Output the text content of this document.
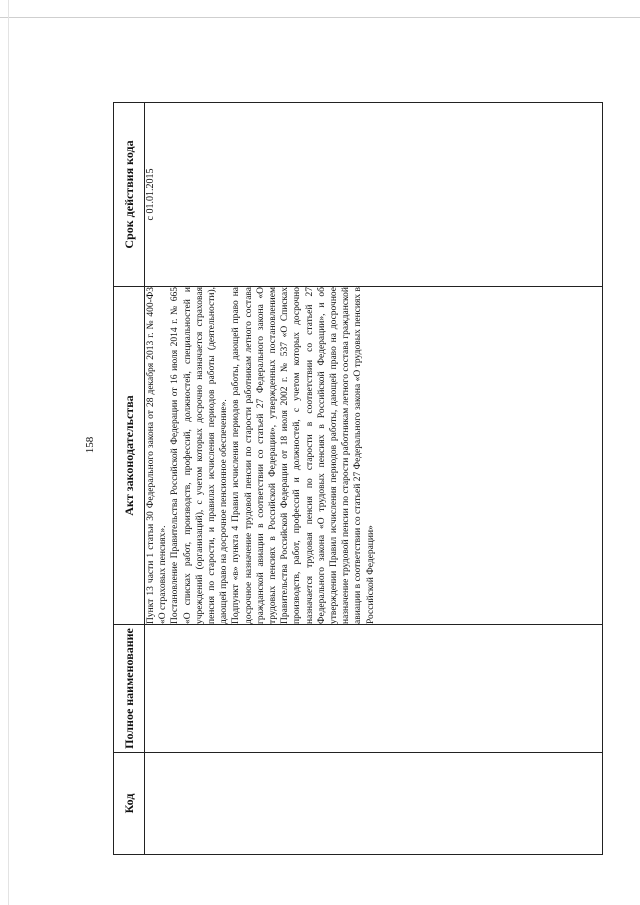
158
Код	Полное наименование	Акт законодательства	Срок действия кода

		Пункт 13 части 1 статьи 30 Федерального закона от 28 декабря 2013 г. № 400-ФЗ «О страховых пенсиях». Постановление Правительства Российской Федерации от 16 июля 2014 г. № 665 «О списках работ, производств, профессий, должностей, специальностей и учреждений (организаций), с учетом которых досрочно назначается страховая пенсия по старости, и правилах исчисления периодов работы (деятельности), дающей право на досрочное пенсионное обеспечение». Подпункт «в» пункта 4 Правил исчисления периодов работы, дающей право на досрочное назначение трудовой пенсии по старости работникам летного состава гражданской авиации в соответствии со статьей 27 Федерального закона «О трудовых пенсиях в Российской Федерации», утвержденных постановлением Правительства Российской Федерации от 18 июля 2002 г. № 537 «О Списках производств, работ, профессий и должностей, с учетом которых досрочно назначается трудовая пенсия по старости в соответствии со статьей 27 Федерального закона «О трудовых пенсиях в Российской Федерации», и об утверждении Правил исчисления периодов работы, дающей право на досрочное назначение трудовой пенсии по старости работникам летного состава гражданской авиации в соответствии со статьей 27 Федерального закона «О трудовых пенсиях в Российской Федерации»	с 01.01.2015
